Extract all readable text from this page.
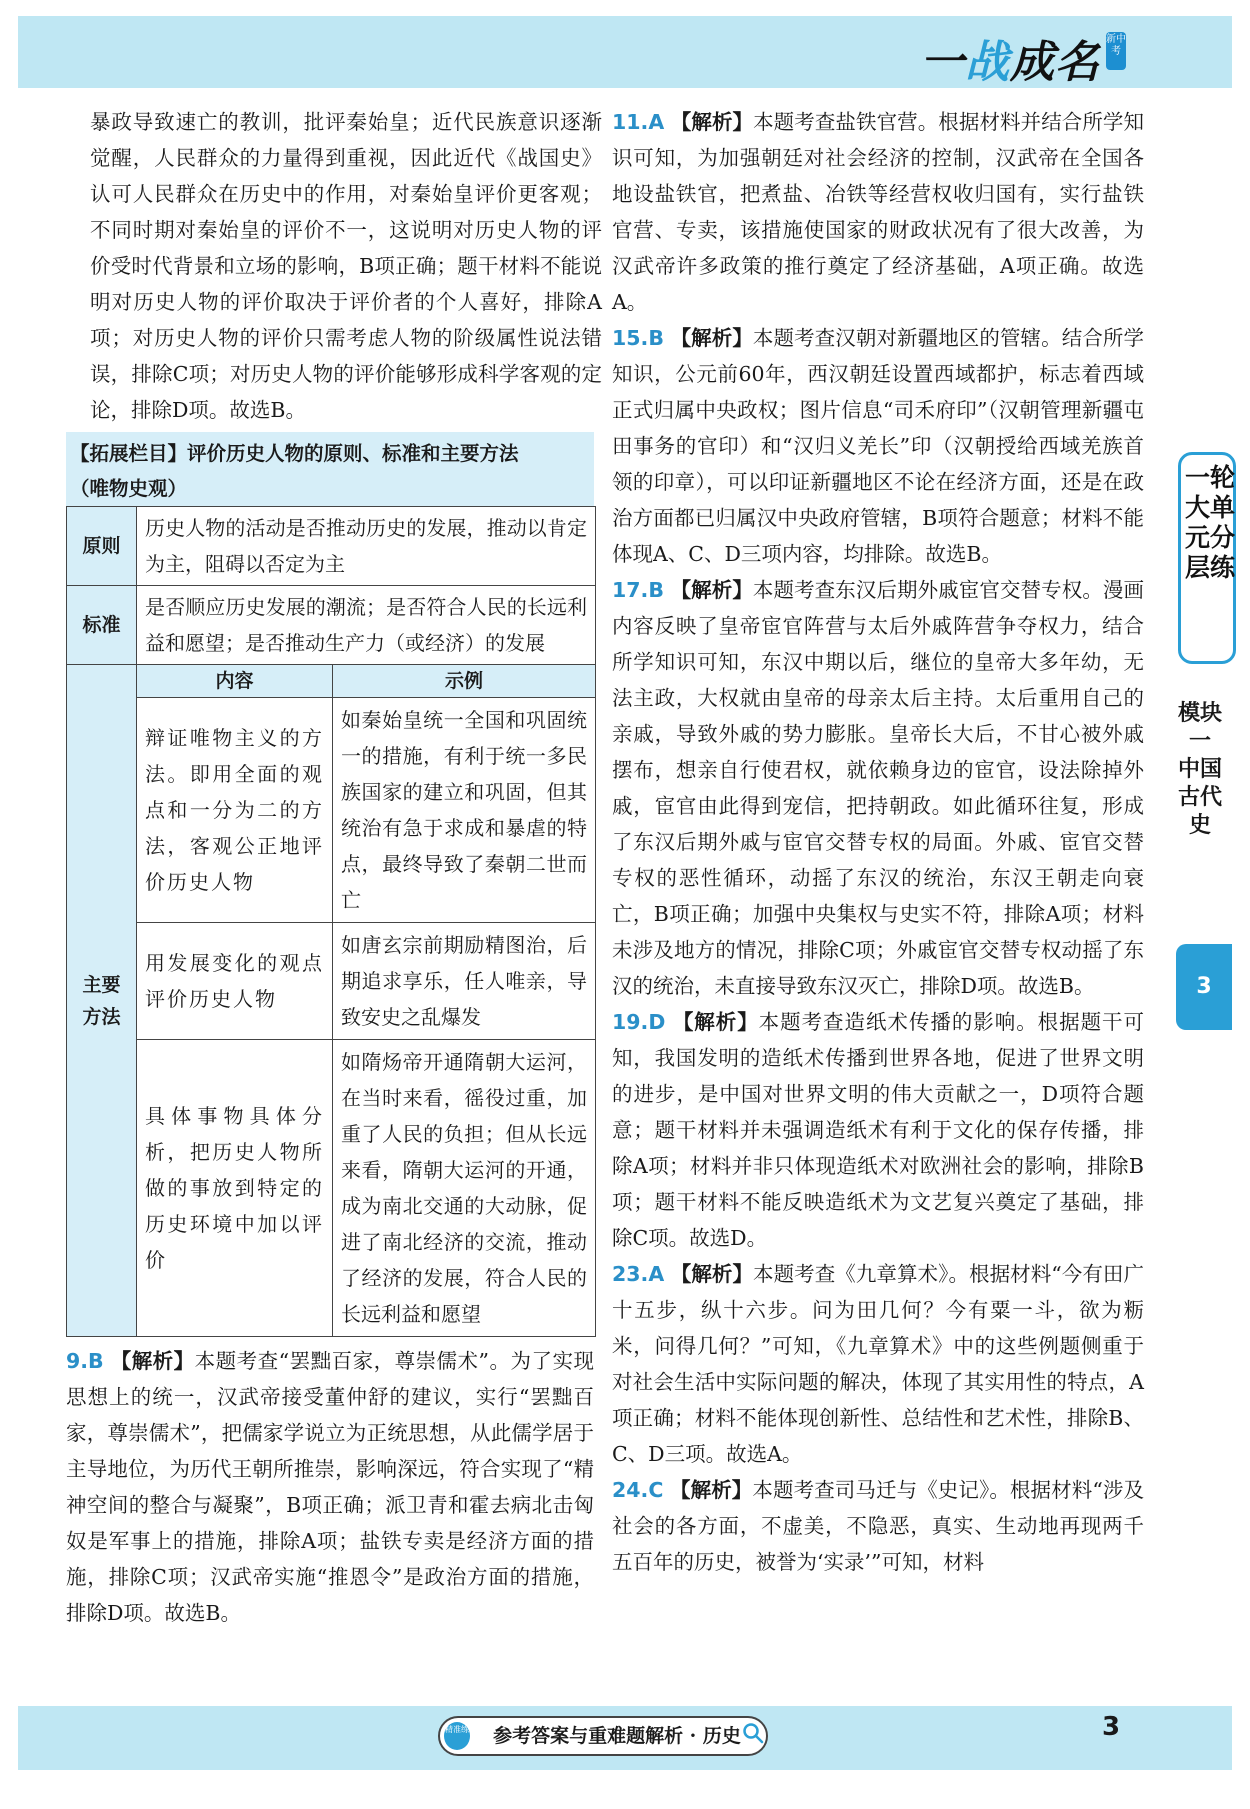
一战成名 新中考
暴政导致速亡的教训，批评秦始皇；近代民族意识逐渐觉醒，人民群众的力量得到重视，因此近代《战国史》认可人民群众在历史中的作用，对秦始皇评价更客观；不同时期对秦始皇的评价不一，这说明对历史人物的评价受时代背景和立场的影响，B项正确；题干材料不能说明对历史人物的评价取决于评价者的个人喜好，排除A项；对历史人物的评价只需考虑人物的阶级属性说法错误，排除C项；对历史人物的评价能够形成科学客观的定论，排除D项。故选B。
【拓展栏目】评价历史人物的原则、标准和主要方法
（唯物史观）
原则	历史人物的活动是否推动历史的发展，推动以肯定为主，阻碍以否定为主	
标准	是否顺应历史发展的潮流；是否符合人民的长远利益和愿望；是否推动生产力（或经济）的发展	

主要方法	内容	示例
	辩证唯物主义的方法。即用全面的观点和一分为二的方法，客观公正地评价历史人物	如秦始皇统一全国和巩固统一的措施，有利于统一多民族国家的建立和巩固，但其统治有急于求成和暴虐的特点，最终导致了秦朝二世而亡
	用发展变化的观点评价历史人物	如唐玄宗前期励精图治，后期追求享乐，任人唯亲，导致安史之乱爆发
	具体事物具体分析，把历史人物所做的事放到特定的历史环境中加以评价	如隋炀帝开通隋朝大运河，在当时来看，徭役过重，加重了人民的负担；但从长远来看，隋朝大运河的开通，成为南北交通的大动脉，促进了南北经济的交流，推动了经济的发展，符合人民的长远利益和愿望
9.B 【解析】本题考查“罢黜百家，尊崇儒术”。为了实现思想上的统一，汉武帝接受董仲舒的建议，实行“罢黜百家，尊崇儒术”，把儒家学说立为正统思想，从此儒学居于主导地位，为历代王朝所推崇，影响深远，符合实现了“精神空间的整合与凝聚”，B项正确；派卫青和霍去病北击匈奴是军事上的措施，排除A项；盐铁专卖是经济方面的措施，排除C项；汉武帝实施“推恩令”是政治方面的措施，排除D项。故选B。
11.A 【解析】本题考查盐铁官营。根据材料并结合所学知识可知，为加强朝廷对社会经济的控制，汉武帝在全国各地设盐铁官，把煮盐、冶铁等经营权收归国有，实行盐铁官营、专卖，该措施使国家的财政状况有了很大改善，为汉武帝许多政策的推行奠定了经济基础，A项正确。故选A。
15.B 【解析】本题考查汉朝对新疆地区的管辖。结合所学知识，公元前60年，西汉朝廷设置西域都护，标志着西域正式归属中央政权；图片信息“司禾府印”（汉朝管理新疆屯田事务的官印）和“汉归义羌长”印（汉朝授给西域羌族首领的印章），可以印证新疆地区不论在经济方面，还是在政治方面都已归属汉中央政府管辖，B项符合题意；材料不能体现A、C、D三项内容，均排除。故选B。
17.B 【解析】本题考查东汉后期外戚宦官交替专权。漫画内容反映了皇帝宦官阵营与太后外戚阵营争夺权力，结合所学知识可知，东汉中期以后，继位的皇帝大多年幼，无法主政，大权就由皇帝的母亲太后主持。太后重用自己的亲戚，导致外戚的势力膨胀。皇帝长大后，不甘心被外戚摆布，想亲自行使君权，就依赖身边的宦官，设法除掉外戚，宦官由此得到宠信，把持朝政。如此循环往复，形成了东汉后期外戚与宦官交替专权的局面。外戚、宦官交替专权的恶性循环，动摇了东汉的统治，东汉王朝走向衰亡，B项正确；加强中央集权与史实不符，排除A项；材料未涉及地方的情况，排除C项；外戚宦官交替专权动摇了东汉的统治，未直接导致东汉灭亡，排除D项。故选B。
19.D 【解析】本题考查造纸术传播的影响。根据题干可知，我国发明的造纸术传播到世界各地，促进了世界文明的进步，是中国对世界文明的伟大贡献之一，D项符合题意；题干材料并未强调造纸术有利于文化的保存传播，排除A项；材料并非只体现造纸术对欧洲社会的影响，排除B项；题干材料不能反映造纸术为文艺复兴奠定了基础，排除C项。故选D。
23.A 【解析】本题考查《九章算术》。根据材料“今有田广十五步，纵十六步。问为田几何？今有粟一斗，欲为粝米，问得几何？”可知，《九章算术》中的这些例题侧重于对社会生活中实际问题的解决，体现了其实用性的特点，A项正确；材料不能体现创新性、总结性和艺术性，排除B、C、D三项。故选A。
24.C 【解析】本题考查司马迁与《史记》。根据材料“涉及社会的各方面，不虚美，不隐恶，真实、生动地再现两千五百年的历史，被誉为‘实录’”可知，材料
一轮大单元分层练
模块一 中国古代史
3
参考答案与重难题解析 · 历史
精准练	3
